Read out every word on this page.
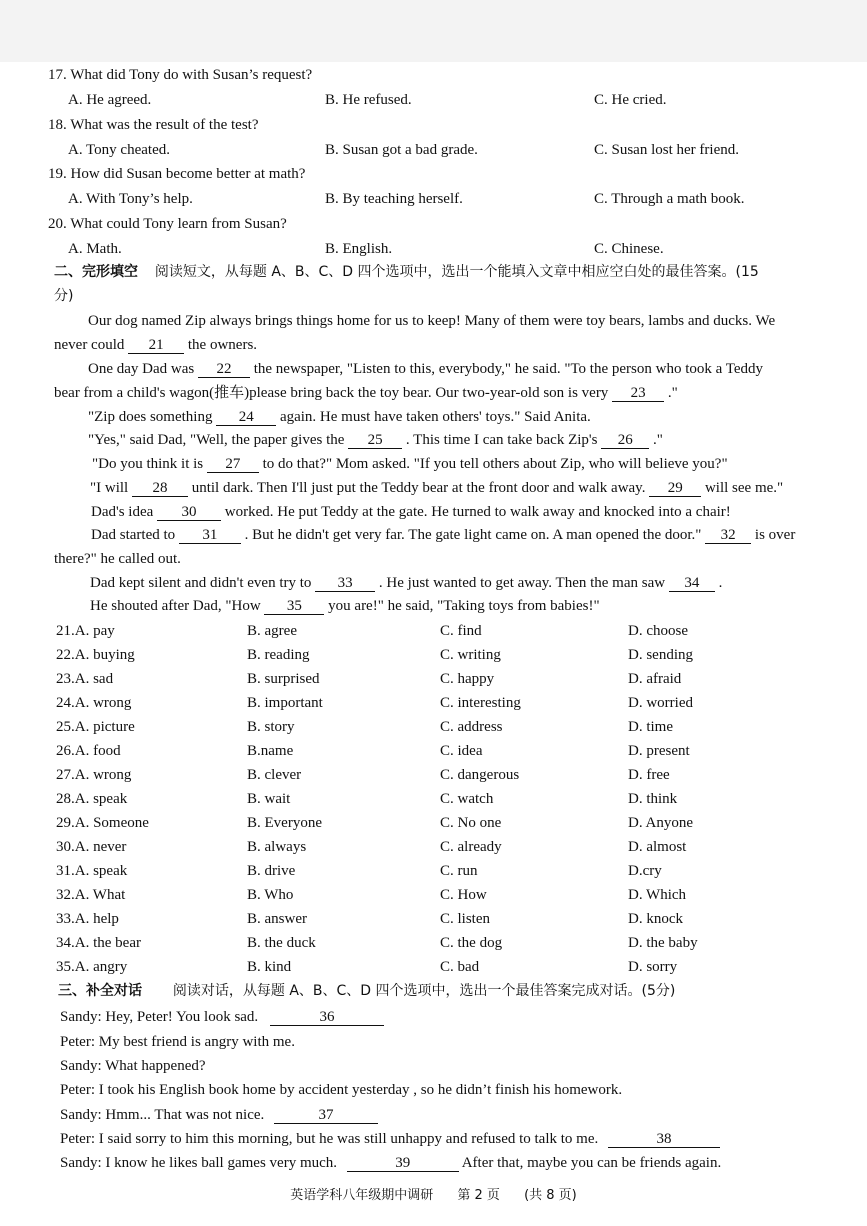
17. What did Tony do with Susan’s request?
A. He agreed.	B. He refused.	C. He cried.
18. What was the result of the test?
A. Tony cheated.	B. Susan got a bad grade.	C. Susan lost her friend.
19. How did Susan become better at math?
A. With Tony’s help.	B. By teaching herself.	C. Through a math book.
20. What could Tony learn from Susan?
A. Math.	B. English.	C. Chinese.
二、完形填空 阅读短文，从每题 A、B、C、D 四个选项中，选出一个能填入文章中相应空白处的最佳答案。(15
分)
Our dog named Zip always brings things home for us to keep! Many of them were toy bears, lambs and ducks. We
never could 21 the owners.
One day Dad was 22 the newspaper, "Listen to this, everybody," he said. "To the person who took a Teddy
bear from a child's wagon(推车)please bring back the toy bear. Our two-year-old son is very 23 ."
"Zip does something 24 again. He must have taken others' toys." Said Anita.
"Yes," said Dad, "Well, the paper gives the 25 . This time I can take back Zip's 26 ."
"Do you think it is 27 to do that?" Mom asked. "If you tell others about Zip, who will believe you?"
"I will 28 until dark. Then I'll just put the Teddy bear at the front door and walk away. 29 will see me."
Dad's idea 30 worked. He put Teddy at the gate. He turned to walk away and knocked into a chair!
Dad started to 31 . But he didn't get very far. The gate light came on. A man opened the door." 32 is over
there?" he called out.
Dad kept silent and didn't even try to 33 . He just wanted to get away. Then the man saw 34 .
He shouted after Dad, "How 35 you are!" he said, "Taking toys from babies!"
21.A. pay	B. agree	C. find	D. choose
22.A. buying	B. reading	C. writing	D. sending
23.A. sad	B. surprised	C. happy	D. afraid
24.A. wrong	B. important	C. interesting	D. worried
25.A. picture	B. story	C. address	D. time
26.A. food	B.name	C. idea	D. present
27.A. wrong	B. clever	C. dangerous	D. free
28.A. speak	B. wait	C. watch	D. think
29.A. Someone	B. Everyone	C. No one	D. Anyone
30.A. never	B. always	C. already	D. almost
31.A. speak	B. drive	C. run	D.cry
32.A. What	B. Who	C. How	D. Which
33.A. help	B. answer	C. listen	D. knock
34.A. the bear	B. the duck	C. the dog	D. the baby
35.A. angry	B. kind	C. bad	D. sorry
三、补全对话 阅读对话，从每题 A、B、C、D 四个选项中，选出一个最佳答案完成对话。(5分)
Sandy: Hey, Peter! You look sad.	36
Peter: My best friend is angry with me.
Sandy: What happened?
Peter: I took his English book home by accident yesterday , so he didn’t finish his homework.
Sandy: Hmm... That was not nice.	37
Peter: I said sorry to him this morning, but he was still unhappy and refused to talk to me.	38
Sandy: I know he likes ball games very much.	39	After that, maybe you can be friends again.
英语学科八年级期中调研 第 2 页 (共 8 页)
